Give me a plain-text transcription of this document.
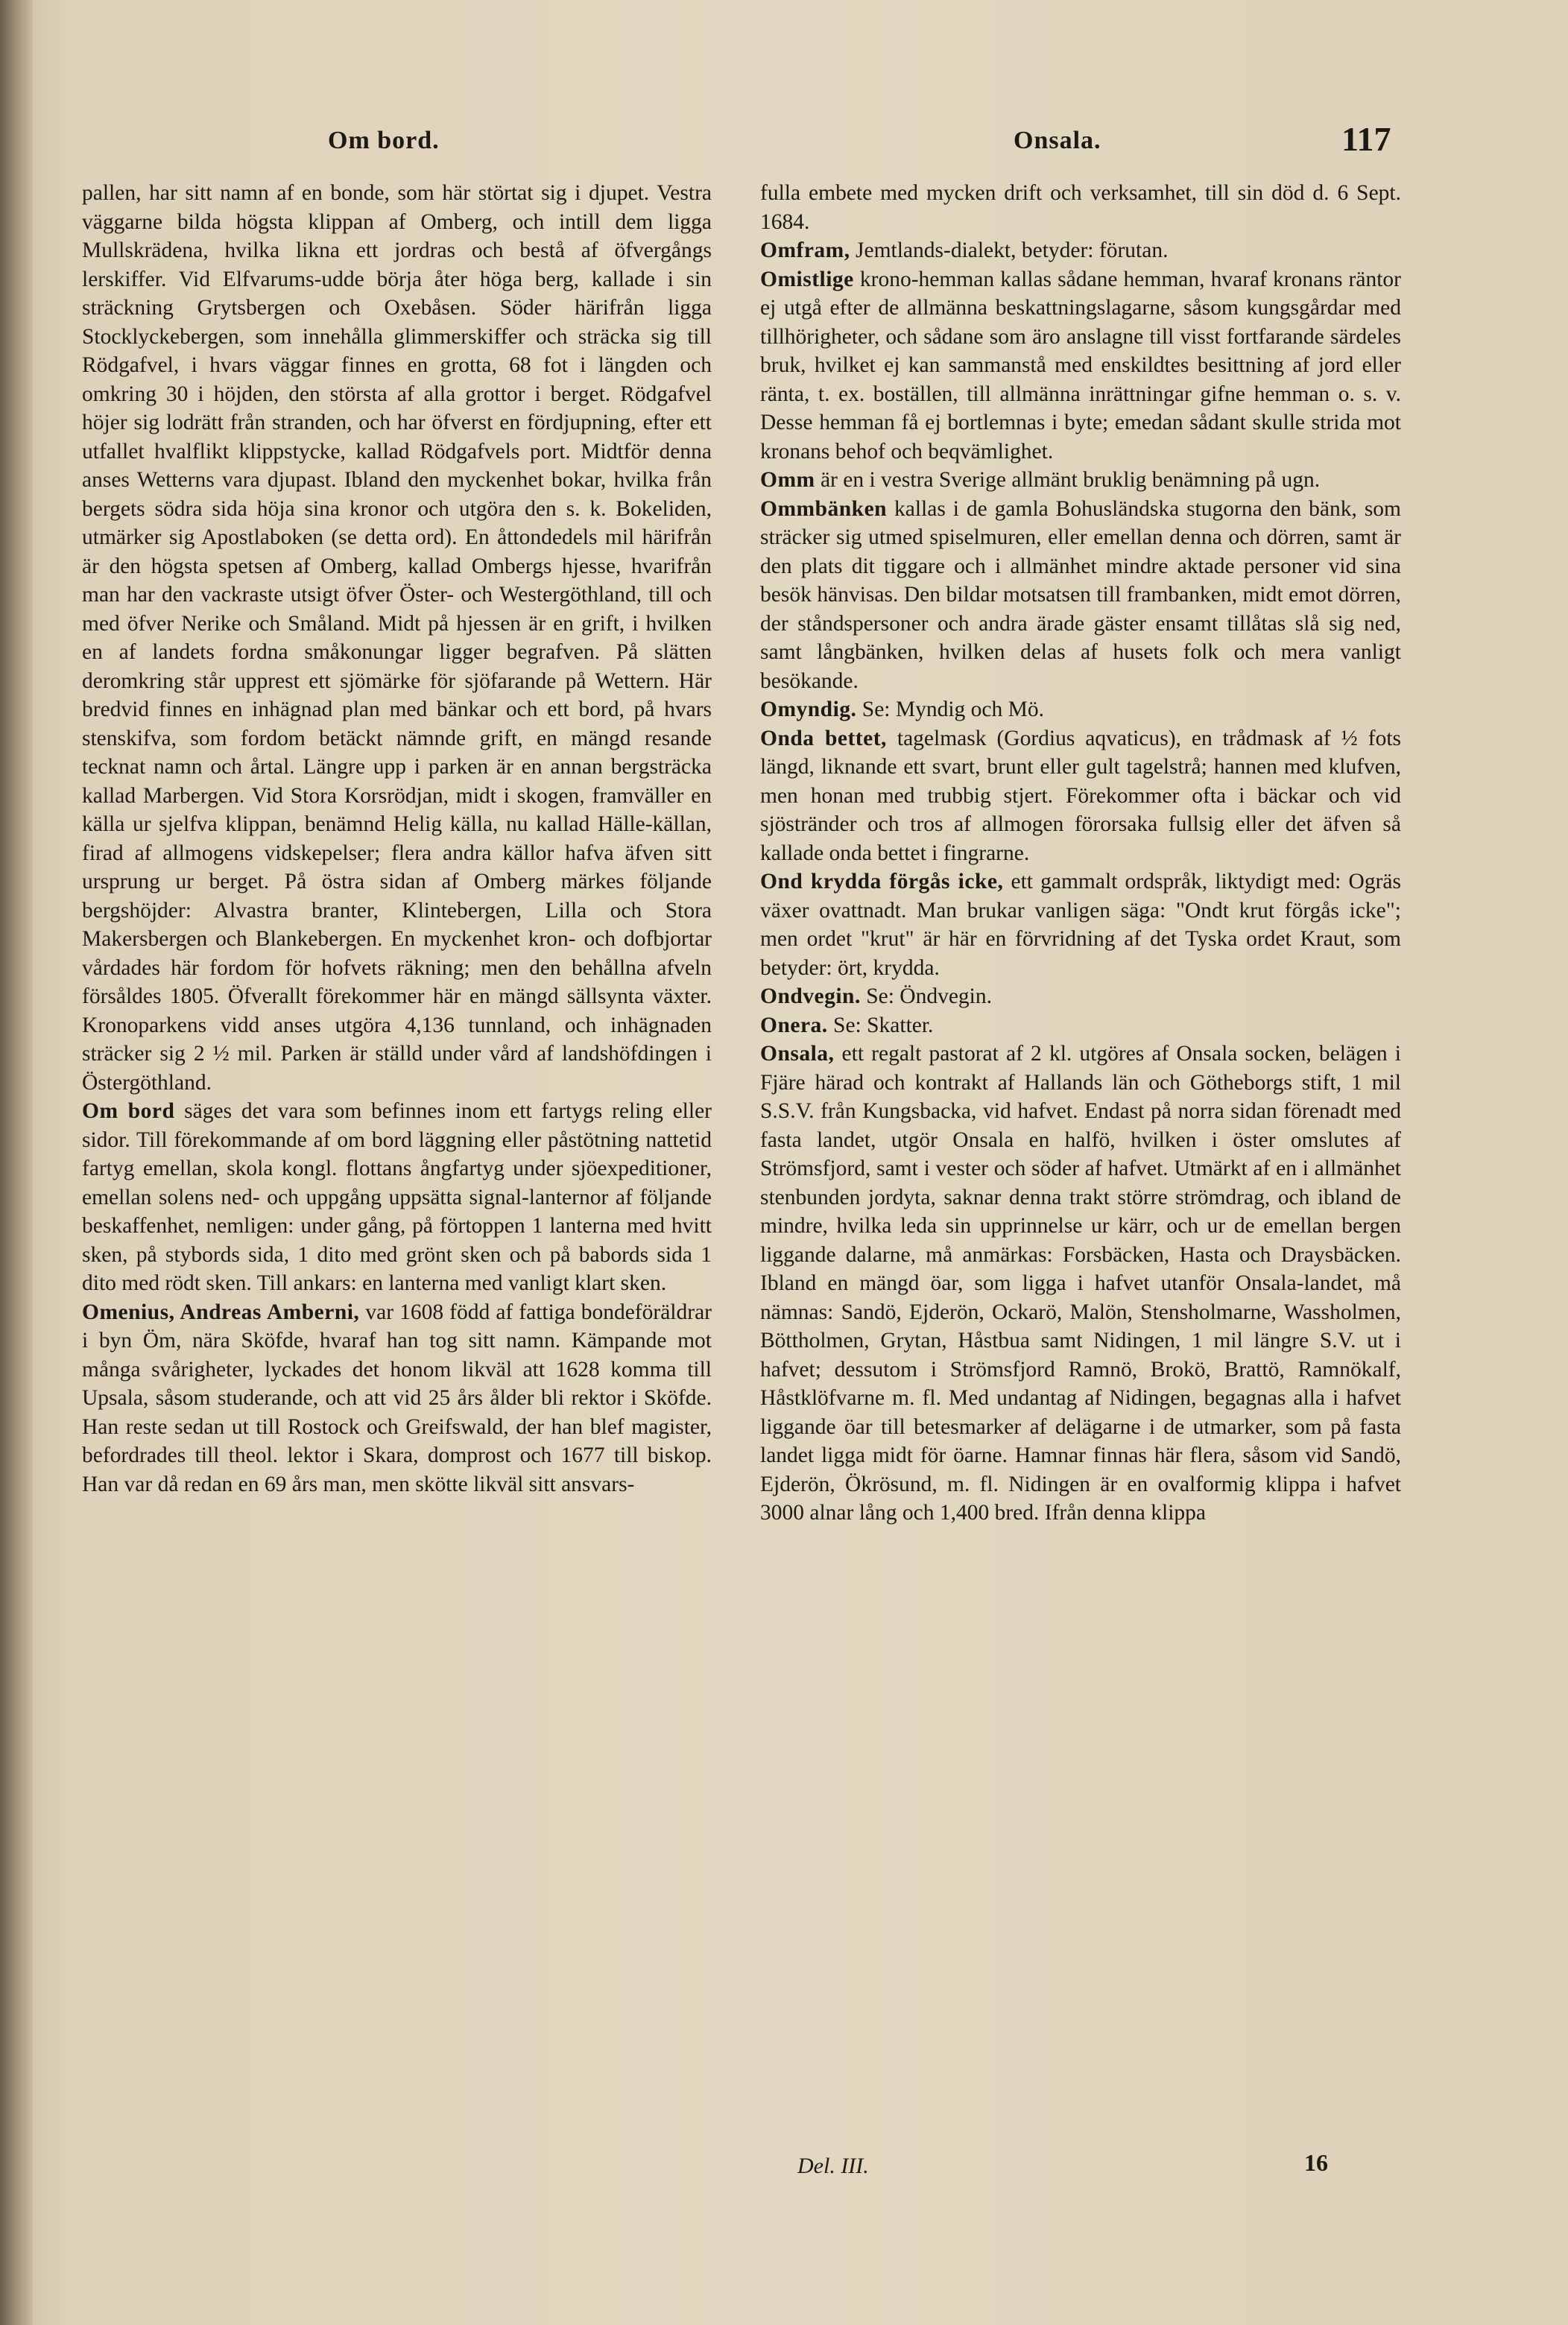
Om bord.	Onsala.	117

pallen, har sitt namn af en bonde, som här störtat sig i djupet. Vestra väggarne bilda högsta klippan af Omberg, och intill dem ligga Mullskrädena, hvilka likna ett jordras och bestå af öfvergångs lerskiffer. Vid Elfvarums-udde börja åter höga berg, kallade i sin sträckning Grytsbergen och Oxebåsen. Söder härifrån ligga Stocklyckebergen, som innehålla glimmerskiffer och sträcka sig till Rödgafvel, i hvars väggar finnes en grotta, 68 fot i längden och omkring 30 i höjden, den största af alla grottor i berget. Rödgafvel höjer sig lodrätt från stranden, och har öfverst en fördjupning, efter ett utfallet hvalflikt klippstycke, kallad Rödgafvels port. Midtför denna anses Wetterns vara djupast. Ibland den myckenhet bokar, hvilka från bergets södra sida höja sina kronor och utgöra den s. k. Bokeliden, utmärker sig Apostlaboken (se detta ord). En åttondedels mil härifrån är den högsta spetsen af Omberg, kallad Ombergs hjesse, hvarifrån man har den vackraste utsigt öfver Öster- och Westergöthland, till och med öfver Nerike och Småland. Midt på hjessen är en grift, i hvilken en af landets fordna småkonungar ligger begrafven. På slätten deromkring står upprest ett sjömärke för sjöfarande på Wettern. Här bredvid finnes en inhägnad plan med bänkar och ett bord, på hvars stenskifva, som fordom betäckt nämnde grift, en mängd resande tecknat namn och årtal. Längre upp i parken är en annan bergsträcka kallad Marbergen. Vid Stora Korsrödjan, midt i skogen, framväller en källa ur sjelfva klippan, benämnd Helig källa, nu kallad Hälle-källan, firad af allmogens vidskepelser; flera andra källor hafva äfven sitt ursprung ur berget. På östra sidan af Omberg märkes följande bergshöjder: Alvastra branter, Klintebergen, Lilla och Stora Makersbergen och Blankebergen. En myckenhet kron- och dofbjortar vårdades här fordom för hofvets räkning; men den behållna afveln försåldes 1805. Öfverallt förekommer här en mängd sällsynta växter. Kronoparkens vidd anses utgöra 4,136 tunnland, och inhägnaden sträcker sig 2 ½ mil. Parken är ställd under vård af landshöfdingen i Östergöthland.

Om bord säges det vara som befinnes inom ett fartygs reling eller sidor. Till förekommande af om bord läggning eller påstötning nattetid fartyg emellan, skola kongl. flottans ångfartyg under sjöexpeditioner, emellan solens ned- och uppgång uppsätta signal-lanternor af följande beskaffenhet, nemligen: under gång, på förtoppen 1 lanterna med hvitt sken, på stybords sida, 1 dito med grönt sken och på babords sida 1 dito med rödt sken. Till ankars: en lanterna med vanligt klart sken.

Omenius, Andreas Amberni, var 1608 född af fattiga bondeföräldrar i byn Öm, nära Sköfde, hvaraf han tog sitt namn. Kämpande mot många svårigheter, lyckades det honom likväl att 1628 komma till Upsala, såsom studerande, och att vid 25 års ålder bli rektor i Sköfde. Han reste sedan ut till Rostock och Greifswald, der han blef magister, befordrades till theol. lektor i Skara, domprost och 1677 till biskop. Han var då redan en 69 års man, men skötte likväl sitt ansvars-

fulla embete med mycken drift och verksamhet, till sin död d. 6 Sept. 1684.

Omfram, Jemtlands-dialekt, betyder: förutan.

Omistlige krono-hemman kallas sådane hemman, hvaraf kronans räntor ej utgå efter de allmänna beskattningslagarne, såsom kungsgårdar med tillhörigheter, och sådane som äro anslagne till visst fortfarande särdeles bruk, hvilket ej kan sammanstå med enskildtes besittning af jord eller ränta, t. ex. boställen, till allmänna inrättningar gifne hemman o. s. v. Desse hemman få ej bortlemnas i byte; emedan sådant skulle strida mot kronans behof och beqvämlighet.

Omm är en i vestra Sverige allmänt bruklig benämning på ugn.

Ommbänken kallas i de gamla Bohusländska stugorna den bänk, som sträcker sig utmed spiselmuren, eller emellan denna och dörren, samt är den plats dit tiggare och i allmänhet mindre aktade personer vid sina besök hänvisas. Den bildar motsatsen till frambanken, midt emot dörren, der ståndspersoner och andra ärade gäster ensamt tillåtas slå sig ned, samt långbänken, hvilken delas af husets folk och mera vanligt besökande.

Omyndig. Se: Myndig och Mö.

Onda bettet, tagelmask (Gordius aqvaticus), en trådmask af ½ fots längd, liknande ett svart, brunt eller gult tagelstrå; hannen med klufven, men honan med trubbig stjert. Förekommer ofta i bäckar och vid sjöstränder och tros af allmogen förorsaka fullsig eller det äfven så kallade onda bettet i fingrarne.

Ond krydda förgås icke, ett gammalt ordspråk, liktydigt med: Ogräs växer ovattnadt. Man brukar vanligen säga: "Ondt krut förgås icke"; men ordet "krut" är här en förvridning af det Tyska ordet Kraut, som betyder: ört, krydda.

Ondvegin. Se: Öndvegin.

Onera. Se: Skatter.

Onsala, ett regalt pastorat af 2 kl. utgöres af Onsala socken, belägen i Fjäre härad och kontrakt af Hallands län och Götheborgs stift, 1 mil S.S.V. från Kungsbacka, vid hafvet. Endast på norra sidan förenadt med fasta landet, utgör Onsala en halfö, hvilken i öster omslutes af Strömsfjord, samt i vester och söder af hafvet. Utmärkt af en i allmänhet stenbunden jordyta, saknar denna trakt större strömdrag, och ibland de mindre, hvilka leda sin upprinnelse ur kärr, och ur de emellan bergen liggande dalarne, må anmärkas: Forsbäcken, Hasta och Draysbäcken. Ibland en mängd öar, som ligga i hafvet utanför Onsala-landet, må nämnas: Sandö, Ejderön, Ockarö, Malön, Stensholmarne, Wassholmen, Böttholmen, Grytan, Håstbua samt Nidingen, 1 mil längre S.V. ut i hafvet; dessutom i Strömsfjord Ramnö, Brokö, Brattö, Ramnökalf, Håstklöfvarne m. fl. Med undantag af Nidingen, begagnas alla i hafvet liggande öar till betesmarker af delägarne i de utmarker, som på fasta landet ligga midt för öarne. Hamnar finnas här flera, såsom vid Sandö, Ejderön, Ökrösund, m. fl. Nidingen är en ovalformig klippa i hafvet 3000 alnar lång och 1,400 bred. Ifrån denna klippa

Del. III.	16
